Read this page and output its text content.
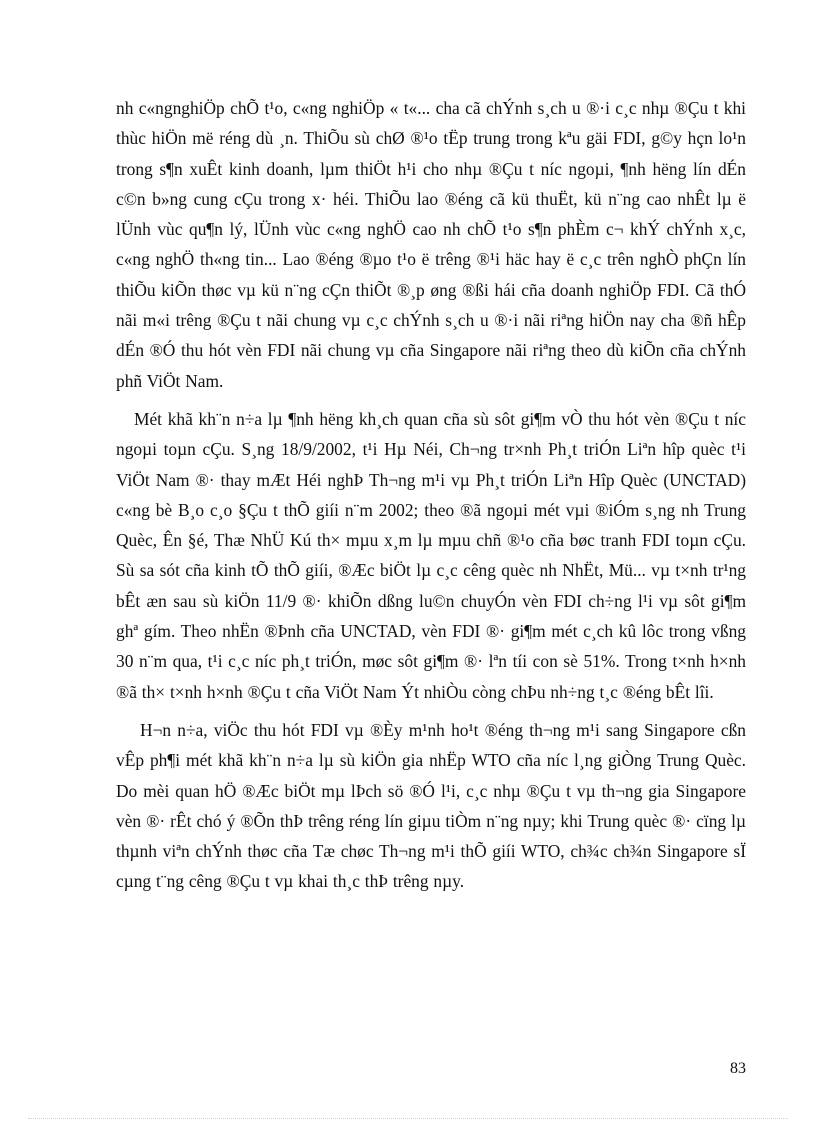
nh c«ngnghiÖp chÕ t¹o, c«ng nghiÖp « t«... cha cã chÝnh s¸ch u ®·i c¸c nhµ ®Çu t khi thùc hiÖn më réng dù ¸n. ThiÕu sù chØ ®¹o tËp trung trong kªu gäi FDI, g©y hçn lo¹n trong s¶n xuÊt kinh doanh, lµm thiÖt h¹i cho nhµ ®Çu t níc ngoµi, ¶nh hëng lín dÉn c©n b»ng cung cÇu trong x· héi. ThiÕu lao ®éng cã kü thuËt, kü n¨ng cao nhÊt lµ ë lÜnh vùc qu¶n lý, lÜnh vùc c«ng nghÖ cao nh chÕ t¹o s¶n phÈm c¬ khÝ chÝnh x¸c, c«ng nghÖ th«ng tin... Lao ®éng ®µo t¹o ë trêng ®¹i häc hay ë c¸c trên nghÒ phÇn lín thiÕu kiÕn thøc vµ kü n¨ng cÇn thiÕt ®¸p øng ®ßi hái cña doanh nghiÖp FDI. Cã thÓ nãi m«i trêng ®Çu t nãi chung vµ c¸c chÝnh s¸ch u ®·i nãi riªng hiÖn nay cha ®ñ hÊp dÉn ®Ó thu hót vèn FDI nãi chung vµ cña Singapore nãi riªng theo dù kiÕn cña chÝnh phñ ViÖt Nam.

Mét khã kh¨n n÷a lµ ¶nh hëng kh¸ch quan cña sù sôt gi¶m vÒ thu hót vèn ®Çu t níc ngoµi toµn cÇu. S¸ng 18/9/2002, t¹i Hµ Néi, Ch¬ng tr×nh Ph¸t triÓn Liªn hîp quèc t¹i ViÖt Nam ®· thay mÆt Héi nghÞ Th¬ng m¹i vµ Ph¸t triÓn Liªn Hîp Quèc (UNCTAD) c«ng bè B¸o c¸o §Çu t thÕ giíi n¨m 2002; theo ®ã ngoµi mét vµi ®iÓm s¸ng nh Trung Quèc, Ên §é, Thæ NhÜ Kú th× mµu x¸m lµ mµu chñ ®¹o cña bøc tranh FDI toµn cÇu. Sù sa sót cña kinh tÕ thÕ giíi, ®Æc biÖt lµ c¸c cêng quèc nh NhËt, Mü... vµ t×nh tr¹ng bÊt æn sau sù kiÖn 11/9 ®· khiÕn dßng lu©n chuyÓn vèn FDI ch÷ng l¹i vµ sôt gi¶m ghª gím. Theo nhËn ®Þnh cña UNCTAD, vèn FDI ®· gi¶m mét c¸ch kû lôc trong vßng 30 n¨m qua, t¹i c¸c níc ph¸t triÓn, møc sôt gi¶m ®· lªn tíi con sè 51%. Trong t×nh h×nh ®ã th× t×nh h×nh ®Çu t cña ViÖt Nam Ýt nhiÒu còng chÞu nh÷ng t¸c ®éng bÊt lîi.

H¬n n÷a, viÖc thu hót FDI vµ ®Èy m¹nh ho¹t ®éng th¬ng m¹i sang Singapore cßn vÊp ph¶i mét khã kh¨n n÷a lµ sù kiÖn gia nhËp WTO cña níc l¸ng giÒng Trung Quèc. Do mèi quan hÖ ®Æc biÖt mµ lÞch sö ®Ó l¹i, c¸c nhµ ®Çu t vµ th¬ng gia Singapore vèn ®· rÊt chó ý ®Õn thÞ trêng réng lín giµu tiÒm n¨ng nµy; khi Trung quèc ®· cïng lµ thµnh viªn chÝnh thøc cña Tæ chøc Th¬ng m¹i thÕ giíi WTO, ch¾c ch¾n Singapore sÏ cµng t¨ng cêng ®Çu t vµ khai th¸c thÞ trêng nµy.

83
